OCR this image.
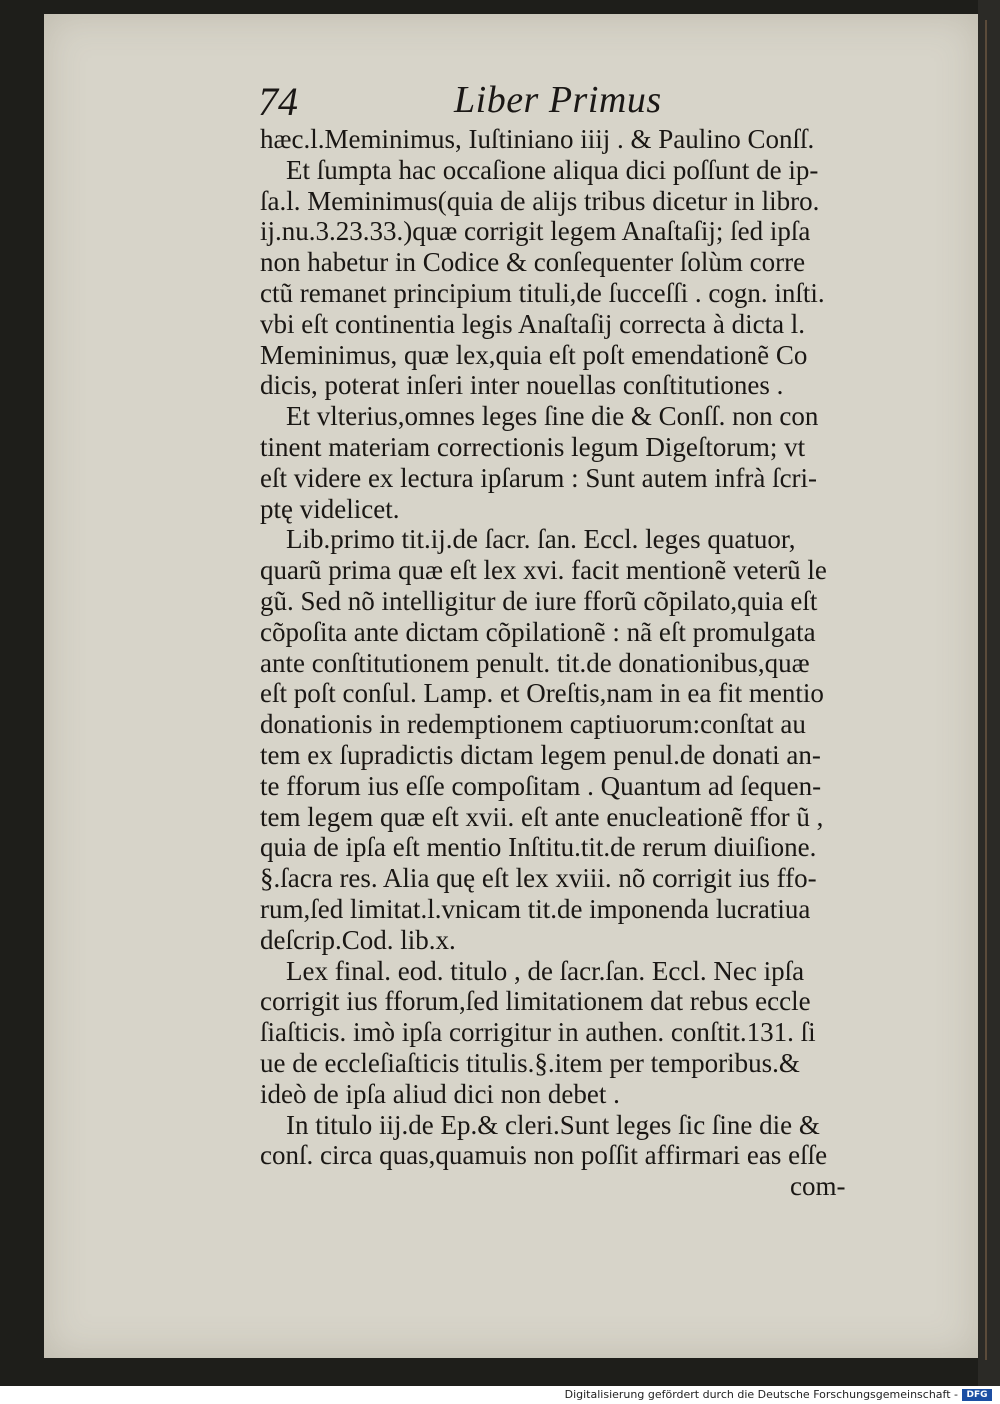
74	Liber Primus
hæc.l.Meminimus, Iuſtiniano iiij . & Paulino Conſſ.
Et ſumpta hac occaſione aliqua dici poſſunt de ip-
ſa.l. Meminimus(quia de alijs tribus dicetur in libro.
ij.nu.3.23.33.)quæ corrigit legem Anaſtaſij; ſed ipſa
non habetur in Codice & conſequenter ſolùm corre
ctũ remanet principium tituli,de ſucceſſi . cogn. inſti.
vbi eſt continentia legis Anaſtaſij correcta à dicta l.
Meminimus, quæ lex,quia eſt poſt emendationẽ Co
dicis, poterat inſeri inter nouellas conſtitutiones .
Et vlterius,omnes leges ſine die & Conſſ. non con
tinent materiam correctionis legum Digeſtorum; vt
eſt videre ex lectura ipſarum : Sunt autem infrà ſcri-
ptę videlicet.
Lib.primo tit.ij.de ſacr. ſan. Eccl. leges quatuor,
quarũ prima quæ eſt lex xvi. facit mentionẽ veterũ le
gũ. Sed nõ intelligitur de iure fforũ cõpilato,quia eſt
cõpoſita ante dictam cõpilationẽ : nã eſt promulgata
ante conſtitutionem penult. tit.de donationibus,quæ
eſt poſt conſul. Lamp. et Oreſtis,nam in ea fit mentio
donationis in redemptionem captiuorum:conſtat au
tem ex ſupradictis dictam legem penul.de donati an-
te fforum ius eſſe compoſitam . Quantum ad ſequen-
tem legem quæ eſt xvii. eſt ante enucleationẽ ffor ũ ,
quia de ipſa eſt mentio Inſtitu.tit.de rerum diuiſione.
§.ſacra res. Alia quę eſt lex xviii. nõ corrigit ius ffo-
rum,ſed limitat.l.vnicam tit.de imponenda lucratiua
deſcrip.Cod. lib.x.
Lex final. eod. titulo , de ſacr.ſan. Eccl. Nec ipſa
corrigit ius fforum,ſed limitationem dat rebus eccle
ſiaſticis. imò ipſa corrigitur in authen. conſtit.131. ſi
ue de eccleſiaſticis titulis.§.item per temporibus.&
ideò de ipſa aliud dici non debet .
In titulo iij.de Ep.& cleri.Sunt leges ſic ſine die &
conſ. circa quas,quamuis non poſſit affirmari eas eſſe
com-
Digitalisierung gefördert durch die Deutsche Forschungsgemeinschaft - DFG
